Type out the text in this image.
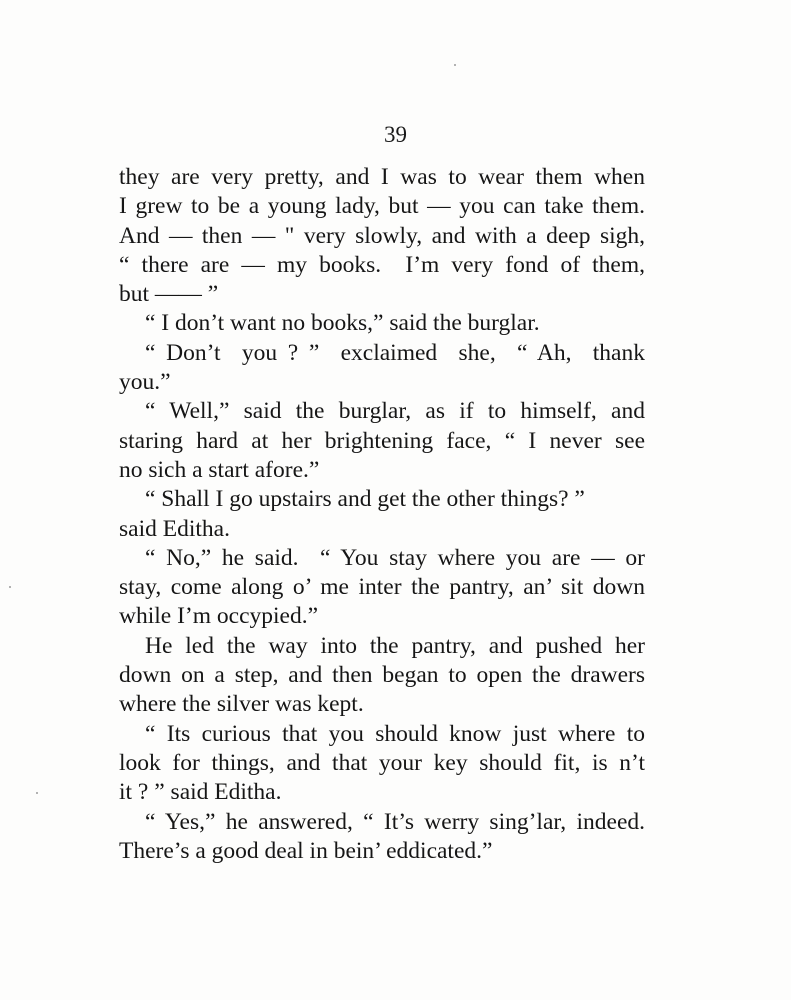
39
they are very pretty, and I was to wear them when
I grew to be a young lady, but — you can take them.
And — then — " very slowly, and with a deep sigh,
“ there are — my books.  I’m very fond of them,
but —— ”
“ I don’t want no books,” said the burglar.
“ Don’t  you ? ”  exclaimed  she,  “ Ah,  thank
you.”
“ Well,” said the burglar, as if to himself, and
staring hard at her brightening face, “ I never see
no sich a start afore.”
“ Shall I go upstairs and get the other things? ”
said Editha.
“ No,” he said.  “ You stay where you are — or
stay, come along o’ me inter the pantry, an’ sit down
while I’m occypied.”
He led the way into the pantry, and pushed her
down on a step, and then began to open the drawers
where the silver was kept.
“ Its curious that you should know just where to
look for things, and that your key should fit, is n’t
it ? ” said Editha.
“ Yes,” he answered, “ It’s werry sing’lar, indeed.
There’s a good deal in bein’ eddicated.”
